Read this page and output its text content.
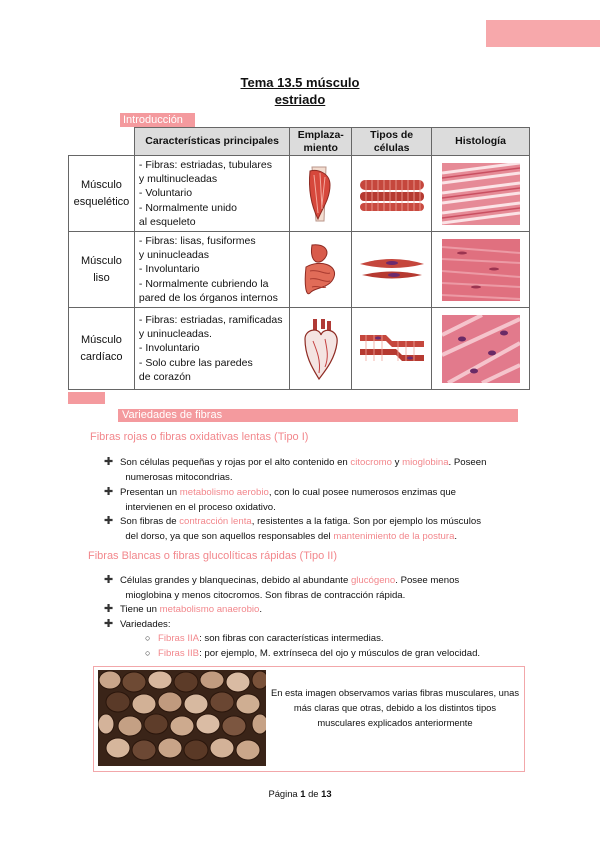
Tema 13.5 músculo
estriado
Introducción
	Características principales	Emplaza-
miento	Tipos de células	Histología
Músculo
esquelético	- Fibras: estriadas, tubulares
y multinucleadas
- Voluntario
- Normalmente unido
al esqueleto	

Músculo
liso	- Fibras: lisas, fusiformes
y uninucleadas
- Involuntario
- Normalmente cubriendo la
pared de los órganos internos	

Músculo
cardíaco	- Fibras: estriadas, ramificadas
y uninucleadas.
- Involuntario
- Solo cubre las paredes
de corazón	

Variedades de fibras
Fibras rojas o fibras oxidativas lentas (Tipo I)
✚ Son células pequeñas y rojas por el alto contenido en citocromo y mioglobina. Poseen
numerosas mitocondrias.
✚ Presentan un metabolismo aerobio, con lo cual posee numerosos enzimas que
intervienen en el proceso oxidativo.
✚ Son fibras de contracción lenta, resistentes a la fatiga. Son por ejemplo los músculos
del dorso, ya que son aquellos responsables del mantenimiento de la postura.
Fibras Blancas o fibras glucolíticas rápidas (Tipo II)
✚ Células grandes y blanquecinas, debido al abundante glucógeno. Posee menos
mioglobina y menos citocromos. Son fibras de contracción rápida.
✚ Tiene un metabolismo anaerobio.
✚ Variedades:
○ Fibras IIA: son fibras con características intermedias.
○ Fibras IIB: por ejemplo, M. extrínseca del ojo y músculos de gran velocidad.
En esta imagen observamos varias fibras musculares, unas más claras que otras, debido a los distintos tipos musculares explicados anteriormente
Página 1 de 13
